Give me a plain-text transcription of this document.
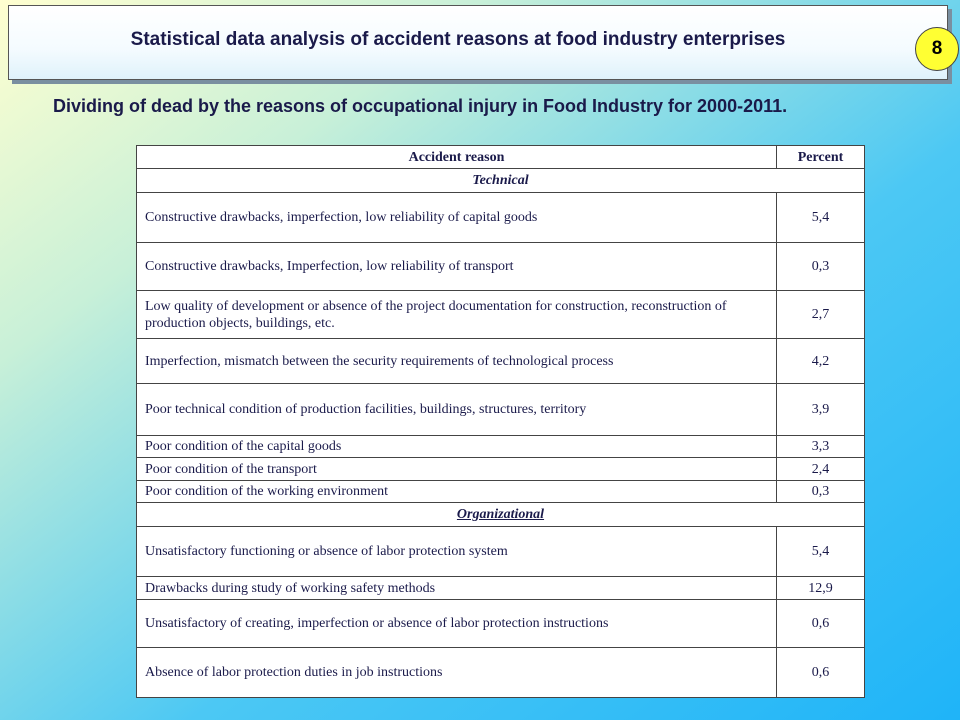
Statistical data analysis of accident reasons at food industry enterprises	8
Dividing of dead by the reasons of occupational injury in Food Industry for 2000-2011.
Accident reason	Percent
Technical	
Constructive drawbacks, imperfection, low reliability of capital goods	5,4
Constructive drawbacks, Imperfection, low reliability of transport	0,3
Low quality of development or absence of the project documentation for construction, reconstruction of production objects, buildings, etc.	2,7
Imperfection, mismatch between the security requirements of technological process	4,2
Poor technical condition of production facilities, buildings, structures, territory	3,9
Poor condition of the capital goods	3,3
Poor condition of the transport	2,4
Poor condition of the working environment	0,3
Organizational	
Unsatisfactory functioning or absence of labor protection system	5,4
Drawbacks during study of working safety methods	12,9
Unsatisfactory of creating, imperfection or absence of labor protection instructions	0,6
Absence of labor protection duties in job instructions	0,6
